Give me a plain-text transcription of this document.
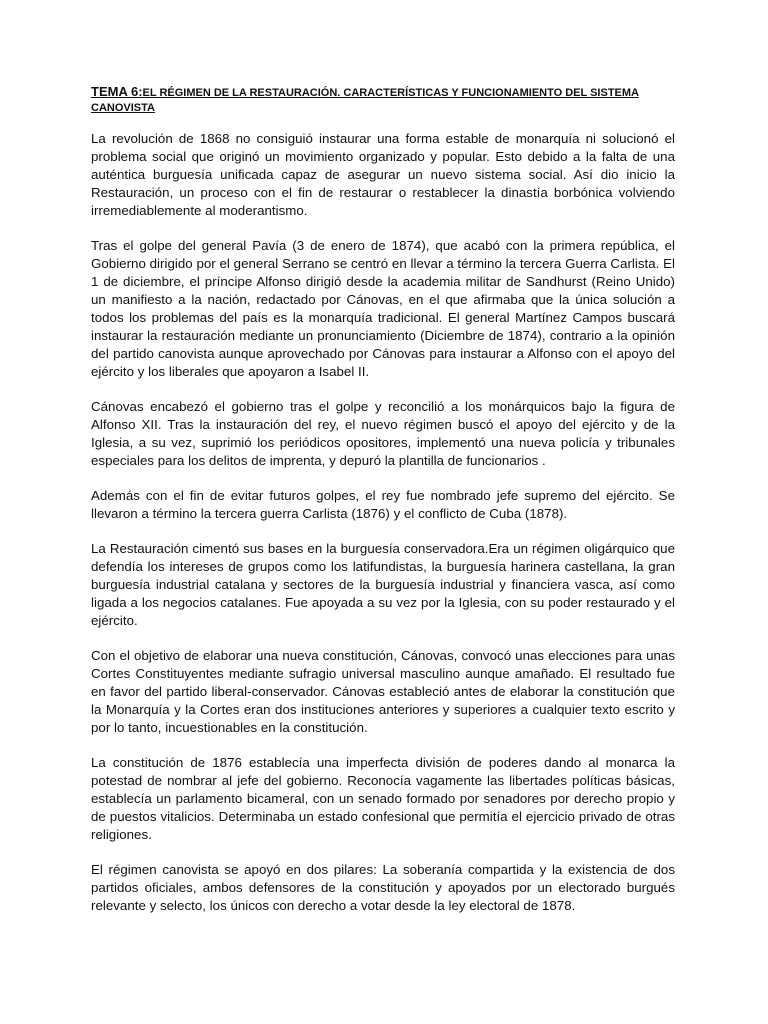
TEMA 6:EL RÉGIMEN DE LA RESTAURACIÓN. CARACTERÍSTICAS Y FUNCIONAMIENTO DEL SISTEMA CANOVISTA

La revolución de 1868 no consiguió instaurar una forma estable de monarquía ni solucionó el problema social que originó un movimiento organizado y popular. Esto debido a la falta de una auténtica burguesía unificada capaz de asegurar un nuevo sistema social. Así dio inicio la Restauración, un proceso con el fin de restaurar o restablecer la dinastía borbónica volviendo irremediablemente al moderantismo.

Tras el golpe del general Pavía (3 de enero de 1874), que acabó con la primera república, el Gobierno dirigido por el general Serrano se centró en llevar a término la tercera Guerra Carlista. El 1 de diciembre, el príncipe Alfonso dirigió desde la academia militar de Sandhurst (Reino Unido) un manifiesto a la nación, redactado por Cánovas, en el que afirmaba que la única solución a todos los problemas del país es la monarquía tradicional. El general Martínez Campos buscará instaurar la restauración mediante un pronunciamiento (Diciembre de 1874), contrario a la opinión del partido canovista aunque aprovechado por Cánovas para instaurar a Alfonso con el apoyo del ejército y los liberales que apoyaron a Isabel II.

Cánovas encabezó el gobierno tras el golpe y reconcilió a los monárquicos bajo la figura de Alfonso XII. Tras la instauración del rey, el nuevo régimen buscó el apoyo del ejército y de la Iglesia, a su vez, suprimió los periódicos opositores, implementó una nueva policía y tribunales especiales para los delitos de imprenta, y depuró la plantilla de funcionarios .

Además con el fin de evitar futuros golpes, el rey fue nombrado jefe supremo del ejército. Se llevaron a término la tercera guerra Carlista (1876) y el conflicto de Cuba (1878).

La Restauración cimentó sus bases en la burguesía conservadora.Era un régimen oligárquico que defendía los intereses de grupos como los latifundistas, la burguesía harinera castellana, la gran burguesía industrial catalana y sectores de la burguesía industrial y financiera vasca, así como ligada a los negocios catalanes. Fue apoyada a su vez por la Iglesia, con su poder restaurado y el ejército.

Con el objetivo de elaborar una nueva constitución, Cánovas, convocó unas elecciones para unas Cortes Constituyentes mediante sufragio universal masculino aunque amañado. El resultado fue en favor del partido liberal-conservador. Cánovas estableció antes de elaborar la constitución que la Monarquía y la Cortes eran dos instituciones anteriores y superiores a cualquier texto escrito y por lo tanto, incuestionables en la constitución.

La constitución de 1876 establecía una imperfecta división de poderes dando al monarca la potestad de nombrar al jefe del gobierno. Reconocía vagamente las libertades políticas básicas, establecía un parlamento bicameral, con un senado formado por senadores por derecho propio y de puestos vitalicios. Determinaba un estado confesional que permitía el ejercicio privado de otras religiones.

El régimen canovista se apoyó en dos pilares: La soberanía compartida y la existencia de dos partidos oficiales, ambos defensores de la constitución y apoyados por un electorado burgués relevante y selecto, los únicos con derecho a votar desde la ley electoral de 1878.
